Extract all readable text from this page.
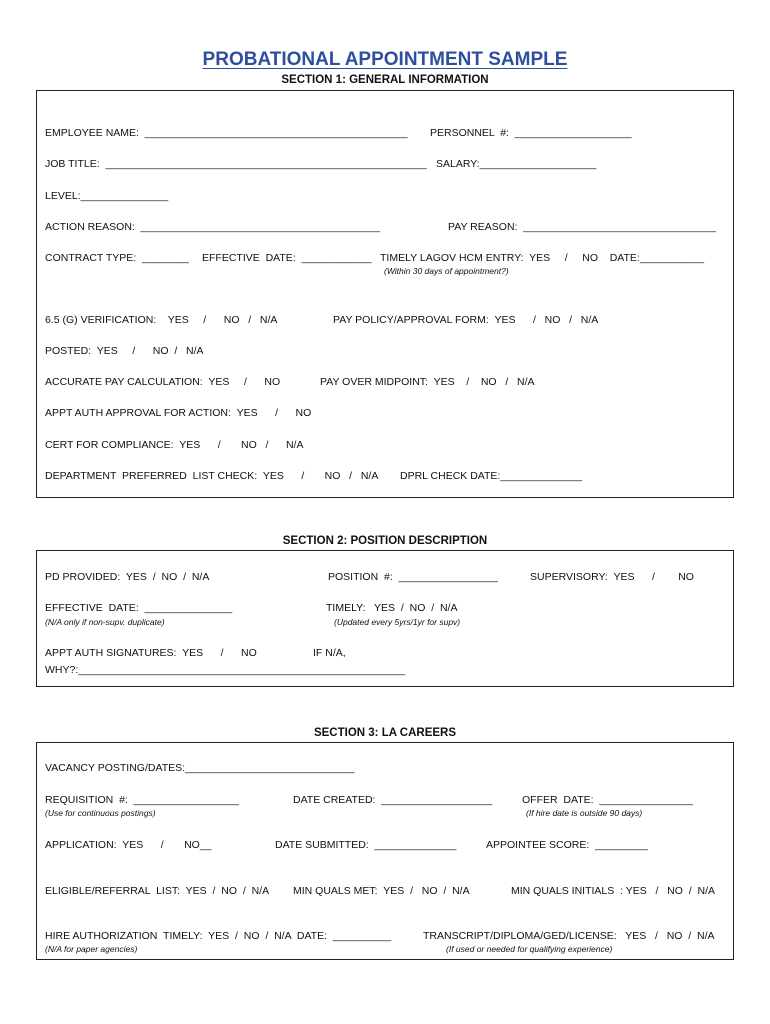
PROBATIONAL APPOINTMENT SAMPLE
SECTION 1: GENERAL INFORMATION
EMPLOYEE NAME:  _____________________________________________ PERSONNEL  #:  ____________________
JOB TITLE:  _______________________________________________________ SALARY:____________________
LEVEL:_______________
ACTION REASON:  _________________________________________	PAY REASON:  _________________________________
CONTRACT TYPE:  ________ EFFECTIVE  DATE:  ____________ TIMELY LAGOV HCM ENTRY:  YES     /     NO    DATE:___________
(Within 30 days of appointment?)
6.5 (G) VERIFICATION:    YES     /      NO   /   N/A	PAY POLICY/APPROVAL FORM:  YES      /   NO   /   N/A
POSTED:  YES     /      NO  /   N/A
ACCURATE PAY CALCULATION:  YES     /      NO	PAY OVER MIDPOINT:  YES    /    NO   /   N/A
APPT AUTH APPROVAL FOR ACTION:  YES      /      NO
CERT FOR COMPLIANCE:  YES      /       NO   /      N/A
DEPARTMENT  PREFERRED  LIST CHECK:  YES      /       NO   /   N/A DPRL CHECK DATE:______________
SECTION 2: POSITION DESCRIPTION
PD PROVIDED:  YES  /  NO  /  N/A	POSITION  #:  _________________	SUPERVISORY:  YES      /        NO
EFFECTIVE  DATE:  _______________
(N/A only if non-supv. duplicate)
TIMELY:   YES  /  NO  /  N/A
(Updated every 5yrs/1yr for supv)
APPT AUTH SIGNATURES:  YES      /      NO	IF N/A,
WHY?:________________________________________________________
SECTION 3: LA CAREERS
VACANCY POSTING/DATES:_____________________________
REQUISITION  #:  __________________
(Use for continuous postings)
DATE CREATED:  ___________________	OFFER  DATE:  ________________
(If hire date is outside 90 days)
APPLICATION:  YES      /       NO__	DATE SUBMITTED:  ______________	APPOINTEE SCORE:  _________
ELIGIBLE/REFERRAL  LIST:  YES  /  NO  /  N/A MIN QUALS MET:  YES  /   NO  /  N/A	MIN QUALS INITIALS  : YES   /   NO  /  N/A
HIRE AUTHORIZATION  TIMELY:  YES  /  NO  /  N/A  DATE:  __________
(N/A for paper agencies)
TRANSCRIPT/DIPLOMA/GED/LICENSE:   YES   /   NO  /  N/A
(If used or needed for qualifying experience)
